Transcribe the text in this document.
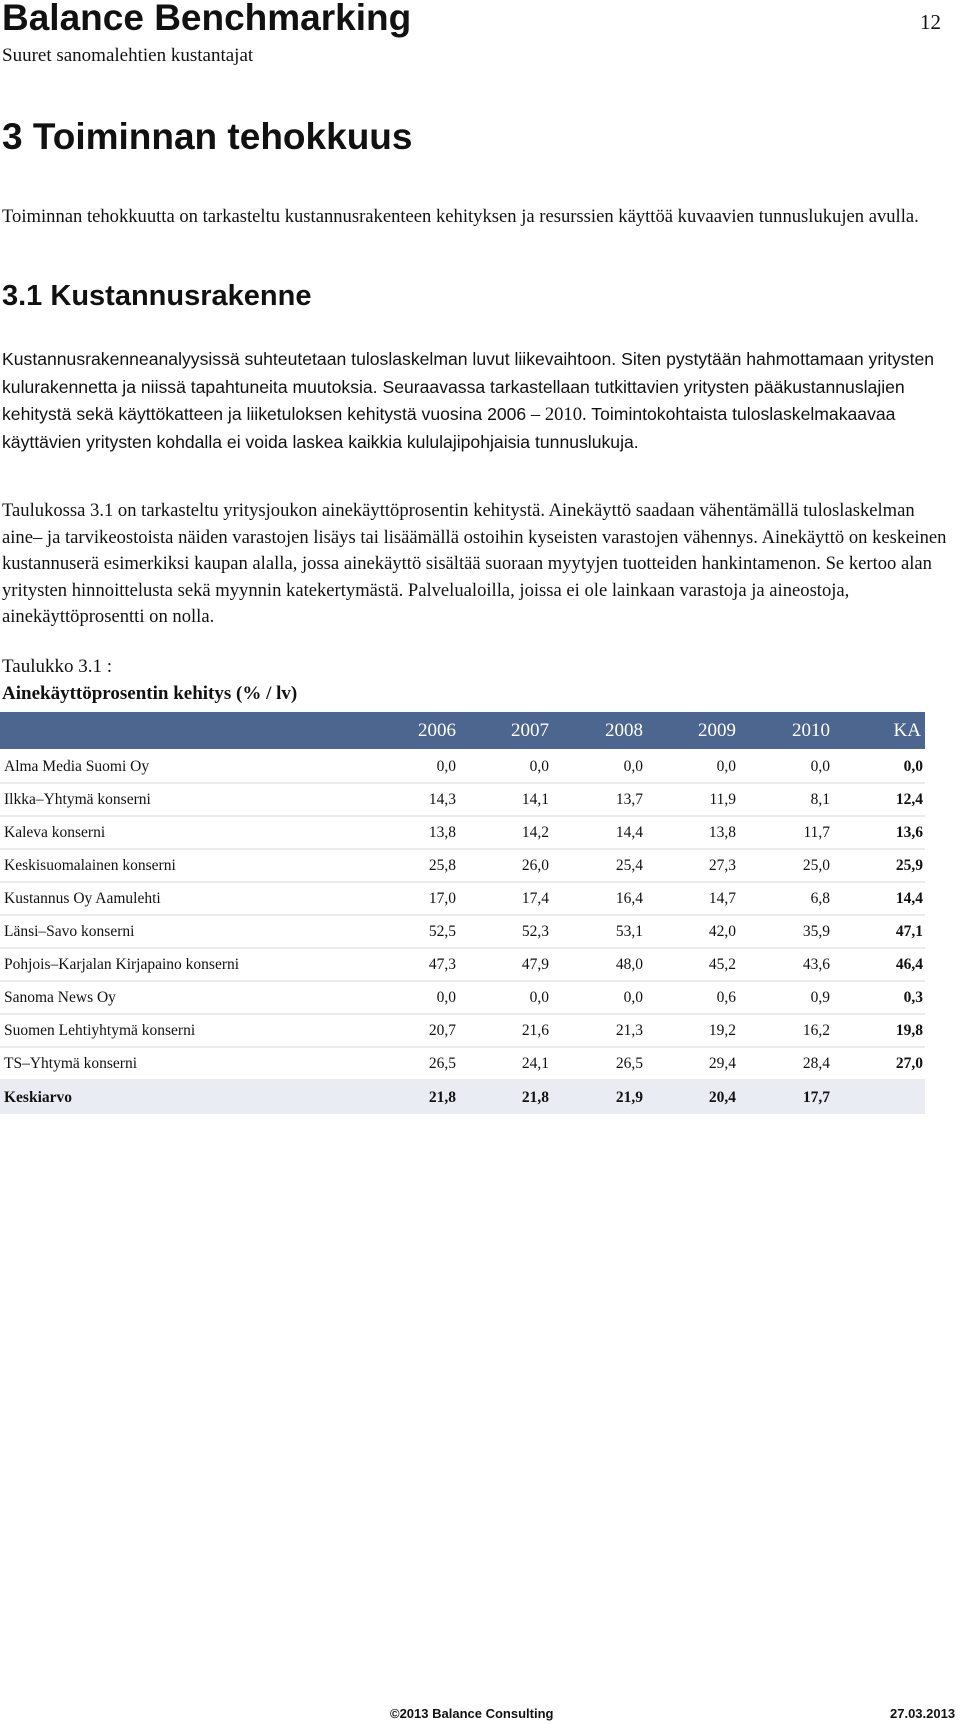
Balance Benchmarking
Suuret sanomalehtien kustantajat
12
3 Toiminnan tehokkuus
Toiminnan tehokkuutta on tarkasteltu kustannusrakenteen kehityksen ja resurssien käyttöä kuvaavien tunnuslukujen avulla.
3.1 Kustannusrakenne
Kustannusrakenneanalyysissä suhteutetaan tuloslaskelman luvut liikevaihtoon. Siten pystytään hahmottamaan yritysten kulurakennetta ja niissä tapahtuneita muutoksia. Seuraavassa tarkastellaan tutkittavien yritysten pääkustannuslajien kehitystä sekä käyttökatteen ja liiketuloksen kehitystä vuosina 2006 – 2010. Toimintokohtaista tuloslaskelmakaavaa käyttävien yritysten kohdalla ei voida laskea kaikkia kululajipohjaisia tunnuslukuja.
Taulukossa 3.1 on tarkasteltu yritysjoukon ainekäyttöprosentin kehitystä. Ainekäyttö saadaan vähentämällä tuloslaskelman aine– ja tarvikeostoista näiden varastojen lisäys tai lisäämällä ostoihin kyseisten varastojen vähennys. Ainekäyttö on keskeinen kustannuserä esimerkiksi kaupan alalla, jossa ainekäyttö sisältää suoraan myytyjen tuotteiden hankintamenon. Se kertoo alan yritysten hinnoittelusta sekä myynnin katekertymästä. Palvelualoilla, joissa ei ole lainkaan varastoja ja aineostoja, ainekäyttöprosentti on nolla.
Taulukko 3.1 :
Ainekäyttöprosentin kehitys (% / lv)
	2006	2007	2008	2009	2010	KA
Alma Media Suomi Oy	0,0	0,0	0,0	0,0	0,0	0,0
Ilkka–Yhtymä konserni	14,3	14,1	13,7	11,9	8,1	12,4
Kaleva konserni	13,8	14,2	14,4	13,8	11,7	13,6
Keskisuomalainen konserni	25,8	26,0	25,4	27,3	25,0	25,9
Kustannus Oy Aamulehti	17,0	17,4	16,4	14,7	6,8	14,4
Länsi–Savo konserni	52,5	52,3	53,1	42,0	35,9	47,1
Pohjois–Karjalan Kirjapaino konserni	47,3	47,9	48,0	45,2	43,6	46,4
Sanoma News Oy	0,0	0,0	0,0	0,6	0,9	0,3
Suomen Lehtiyhtymä konserni	20,7	21,6	21,3	19,2	16,2	19,8
TS–Yhtymä konserni	26,5	24,1	26,5	29,4	28,4	27,0
Keskiarvo	21,8	21,8	21,9	20,4	17,7	
©2013 Balance Consulting	27.03.2013
